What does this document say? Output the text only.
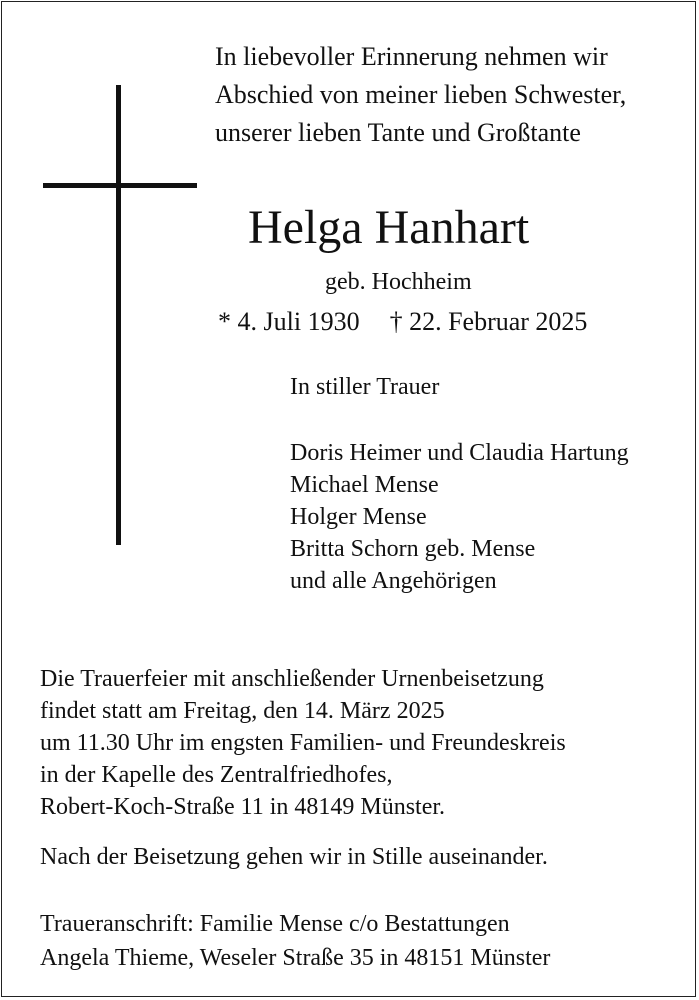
In liebevoller Erinnerung nehmen wir
Abschied von meiner lieben Schwester,
unserer lieben Tante und Großtante
Helga Hanhart
geb. Hochheim
* 4. Juli 1930 † 22. Februar 2025
In stiller Trauer
Doris Heimer und Claudia Hartung
Michael Mense
Holger Mense
Britta Schorn geb. Mense
und alle Angehörigen
Die Trauerfeier mit anschließender Urnenbeisetzung
findet statt am Freitag, den 14. März 2025
um 11.30 Uhr im engsten Familien- und Freundeskreis
in der Kapelle des Zentralfriedhofes,
Robert-Koch-Straße 11 in 48149 Münster.
Nach der Beisetzung gehen wir in Stille auseinander.
Traueranschrift: Familie Mense c/o Bestattungen
Angela Thieme, Weseler Straße 35 in 48151 Münster
